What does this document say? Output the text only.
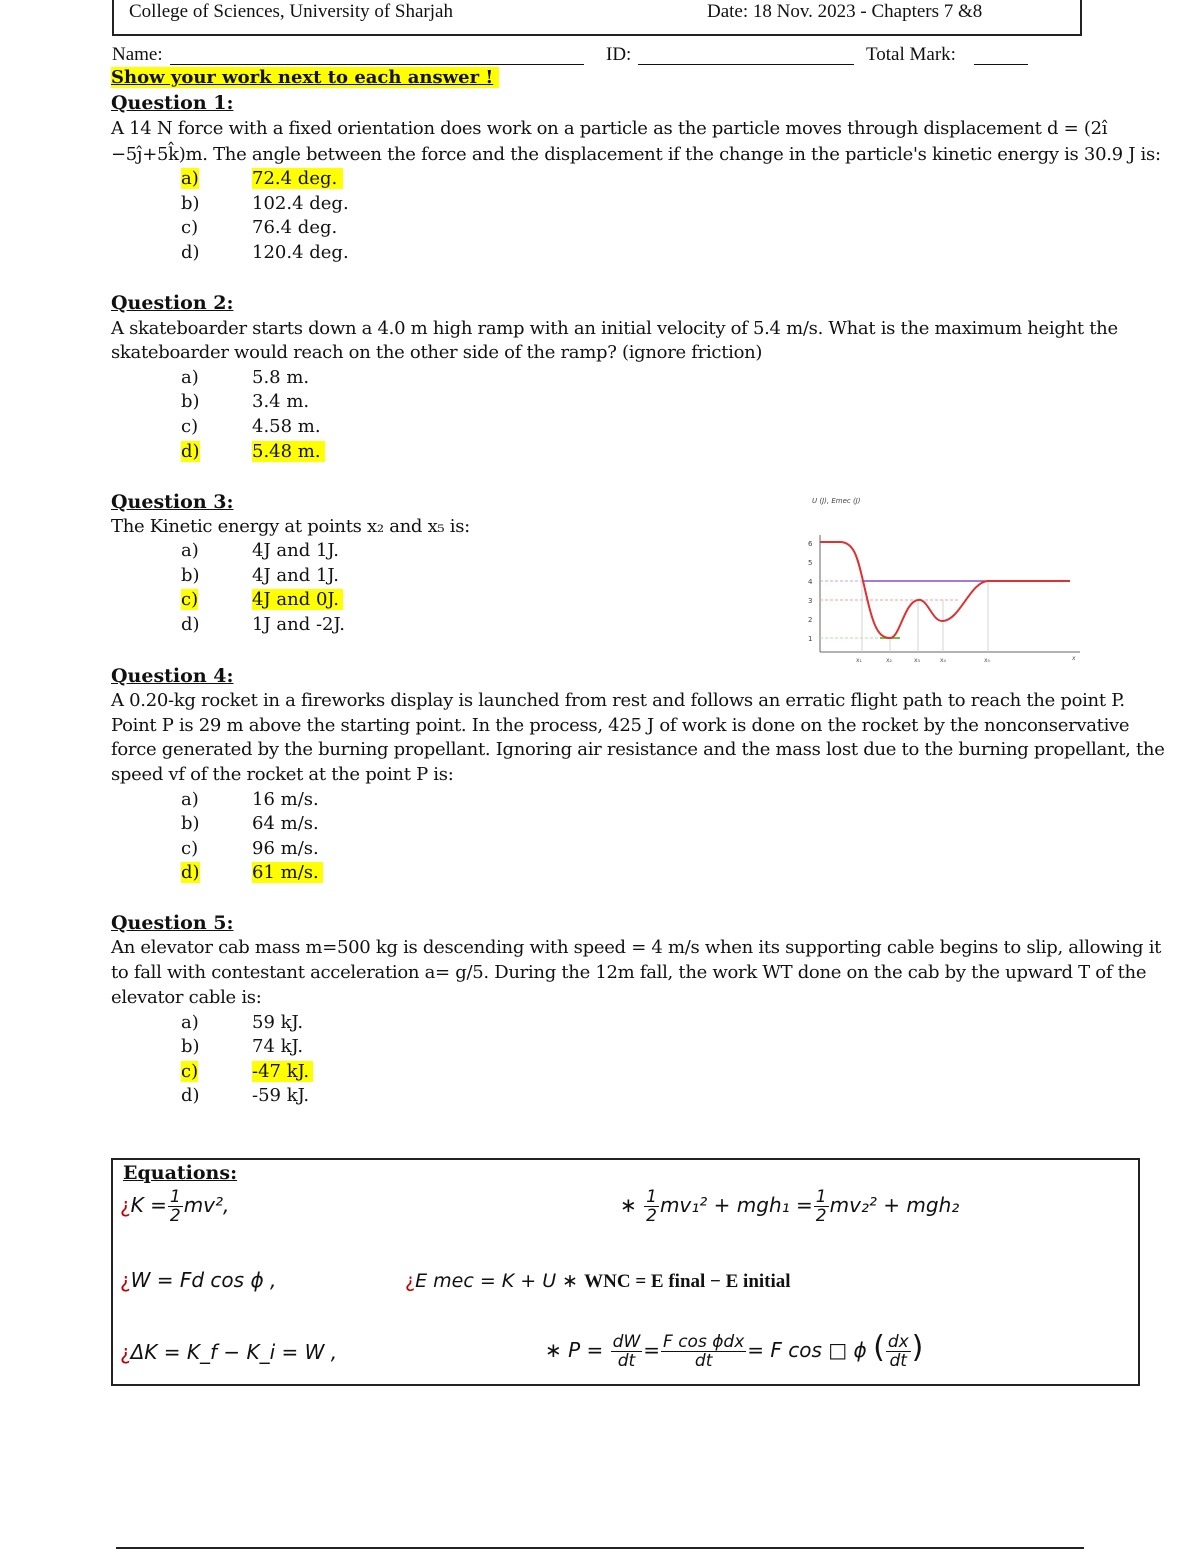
College of Sciences, University of Sharjah	Date: 18 Nov. 2023 - Chapters 7 &8
Name:	ID:	Total Mark:
Show your work next to each answer !
Question 1:
A 14 N force with a fixed orientation does work on a particle as the particle moves through displacement d = (2î
−5ĵ+5k̂)m. The angle between the force and the displacement if the change in the particle's kinetic energy is 30.9 J is:
a)	72.4 deg.
b)	102.4 deg.
c)	76.4 deg.
d)	120.4 deg.
Question 2:
A skateboarder starts down a 4.0 m high ramp with an initial velocity of 5.4 m/s. What is the maximum height the
skateboarder would reach on the other side of the ramp? (ignore friction)
a)	5.8 m.
b)	3.4 m.
c)	4.58 m.
d)	5.48 m.
Question 3:
The Kinetic energy at points x₂ and x₅ is:
a)	4J and 1J.
b)	4J and 1J.
c)	4J and 0J.
d)	1J and -2J.
U (J), Emec (J)
6
5
4
3
2
1
x₁	x₂	x₃	x₄	x₅	x
Question 4:
A 0.20-kg rocket in a fireworks display is launched from rest and follows an erratic flight path to reach the point P.
Point P is 29 m above the starting point. In the process, 425 J of work is done on the rocket by the nonconservative
force generated by the burning propellant. Ignoring air resistance and the mass lost due to the burning propellant, the
speed vf of the rocket at the point P is:
a)	16 m/s.
b)	64 m/s.
c)	96 m/s.
d)	61 m/s.
Question 5:
An elevator cab mass m=500 kg is descending with speed = 4 m/s when its supporting cable begins to slip, allowing it
to fall with contestant acceleration a= g/5. During the 12m fall, the work WT done on the cab by the upward T of the
elevator cable is:
a)	59 kJ.
b)	74 kJ.
c)	-47 kJ.
d)	-59 kJ.
Equations:
¿$K = \frac{1}{2} mv^2$,
¿W = Fd cos ϕ ,
¿ΔK = K_f − K_i = W ,
∗ $\frac{1}{2} mv_1^2 + mgh_1 = \frac{1}{2} mv_2^2 + mgh_2$
¿E mec = K + U ∗ WNC = E final − E initial
∗ $P = \frac{dW}{dt} = \frac{\text{F cos ϕdx}}{dt} = F$ cos □ ϕ ( $\frac{dx}{dt}$ )
